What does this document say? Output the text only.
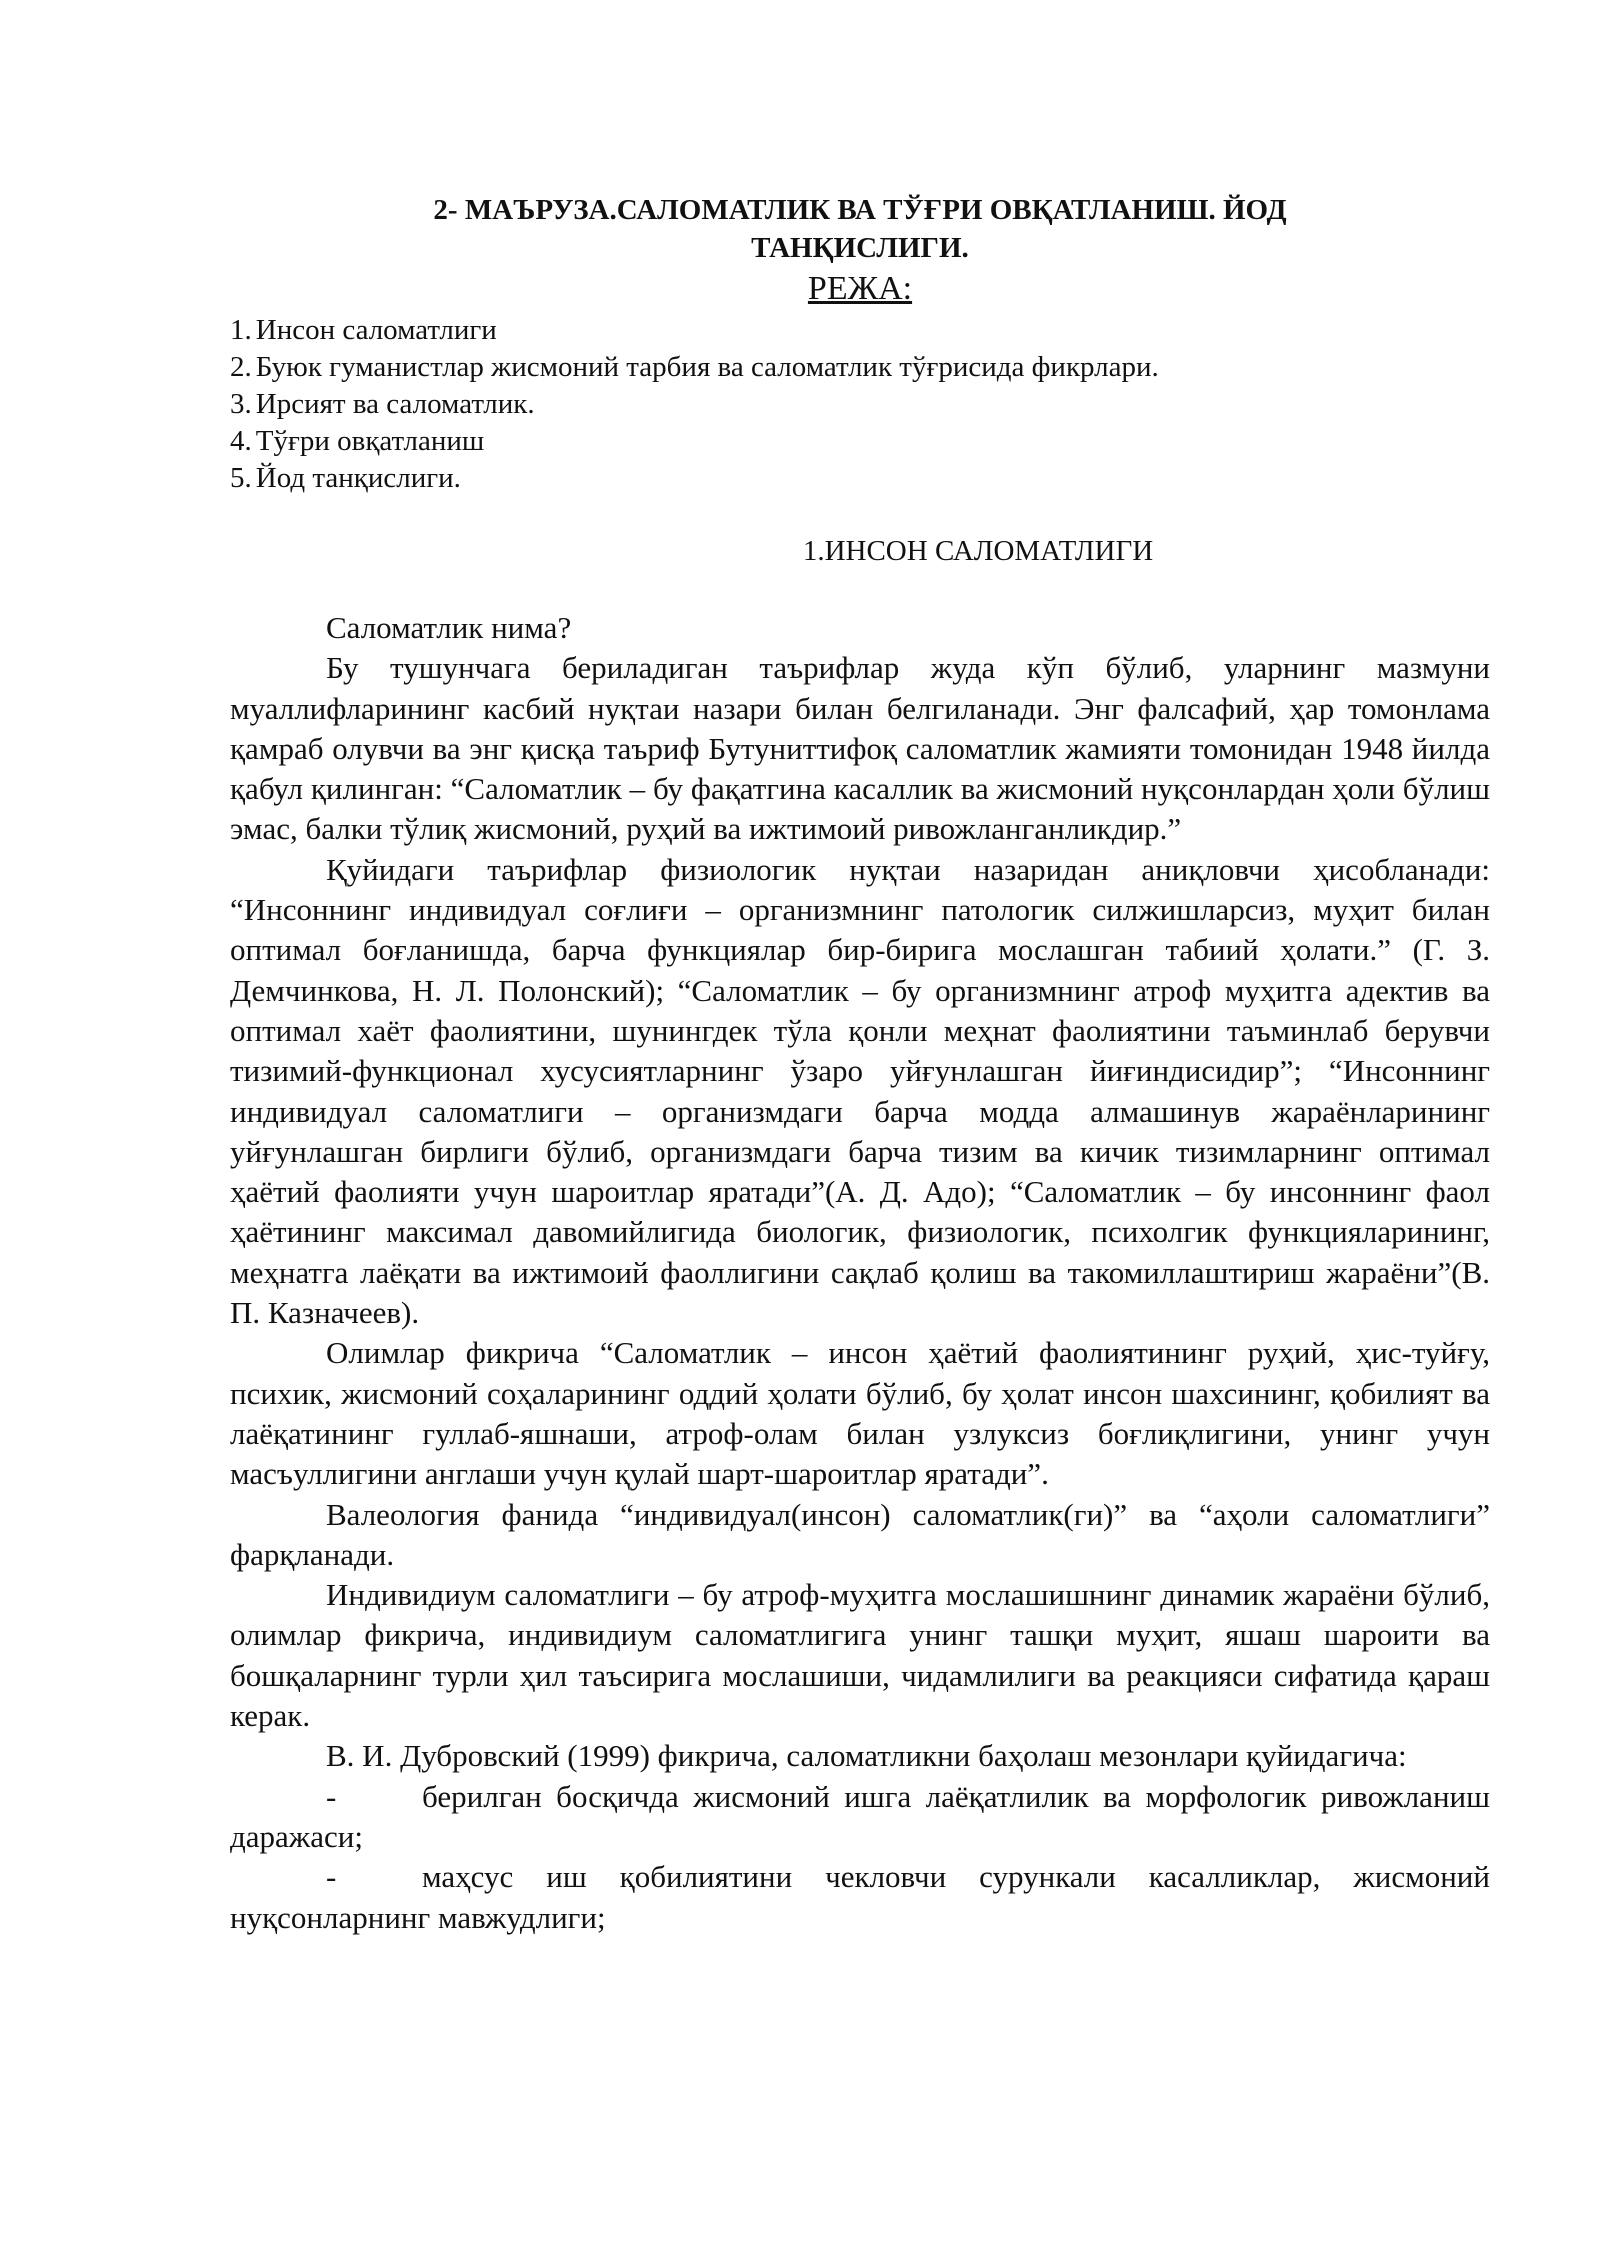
2- МАЪРУЗА.САЛОМАТЛИК ВА ТЎҒРИ ОВҚАТЛАНИШ. ЙОД
ТАНҚИСЛИГИ.
РЕЖА:
1. Инсон саломатлиги
2. Буюк гуманистлар жисмоний тарбия ва саломатлик тўғрисида фикрлари.
3. Ирсият ва саломатлик.
4. Тўғри овқатланиш
5. Йод танқислиги.
1.ИНСОН САЛОМАТЛИГИ

Саломатлик нима?

Бу тушунчага бериладиган таърифлар жуда кўп бўлиб, уларнинг мазмуни муаллифларининг касбий нуқтаи назари билан белгиланади. Энг фалсафий, ҳар томонлама қамраб олувчи ва энг қисқа таъриф Бутуниттифоқ саломатлик жамияти томонидан 1948 йилда қабул қилинган: “Саломатлик – бу фақатгина касаллик ва жисмоний нуқсонлардан ҳоли бўлиш эмас, балки тўлиқ жисмоний, руҳий ва ижтимоий ривожланганликдир.”

Қуйидаги таърифлар физиологик нуқтаи назаридан аниқловчи ҳисобланади: “Инсоннинг индивидуал соғлиғи – организмнинг патологик силжишларсиз, муҳит билан оптимал боғланишда, барча функциялар бир-бирига мослашган табиий ҳолати.” (Г. З. Демчинкова, Н. Л. Полонский); “Саломатлик – бу организмнинг атроф муҳитга адектив ва оптимал хаёт фаолиятини, шунингдек тўла қонли меҳнат фаолиятини таъминлаб берувчи тизимий-функционал хусусиятларнинг ўзаро уйғунлашган йиғиндисидир”; “Инсоннинг индивидуал саломатлиги – организмдаги барча модда алмашинув жараёнларининг уйғунлашган бирлиги бўлиб, организмдаги барча тизим ва кичик тизимларнинг оптимал ҳаётий фаолияти учун шароитлар яратади”(А. Д. Адо); “Саломатлик – бу инсоннинг фаол ҳаётининг максимал давомийлигида биологик, физиологик, психолгик функцияларининг, меҳнатга лаёқати ва ижтимоий фаоллигини сақлаб қолиш ва такомиллаштириш жараёни”(В. П. Казначеев).

Олимлар фикрича “Саломатлик – инсон ҳаётий фаолиятининг руҳий, ҳис-туйғу, психик, жисмоний соҳаларининг оддий ҳолати бўлиб, бу ҳолат инсон шахсининг, қобилият ва лаёқатининг гуллаб-яшнаши, атроф-олам билан узлуксиз боғлиқлигини, унинг учун масъуллигини англаши учун қулай шарт-шароитлар яратади”.

Валеология фанида “индивидуал(инсон) саломатлик(ги)” ва “аҳоли саломатлиги” фарқланади.

Индивидиум саломатлиги – бу атроф-муҳитга мослашишнинг динамик жараёни бўлиб, олимлар фикрича, индивидиум саломатлигига унинг ташқи муҳит, яшаш шароити ва бошқаларнинг турли ҳил таъсирига мослашиши, чидамлилиги ва реакцияси сифатида қараш керак.

В. И. Дубровский (1999) фикрича, саломатликни баҳолаш мезонлари қуйидагича:

-	берилган босқичда жисмоний ишга лаёқатлилик ва морфологик ривожланиш даражаси;

-	маҳсус иш қобилиятини чекловчи сурункали касалликлар, жисмоний нуқсонларнинг мавжудлиги;
